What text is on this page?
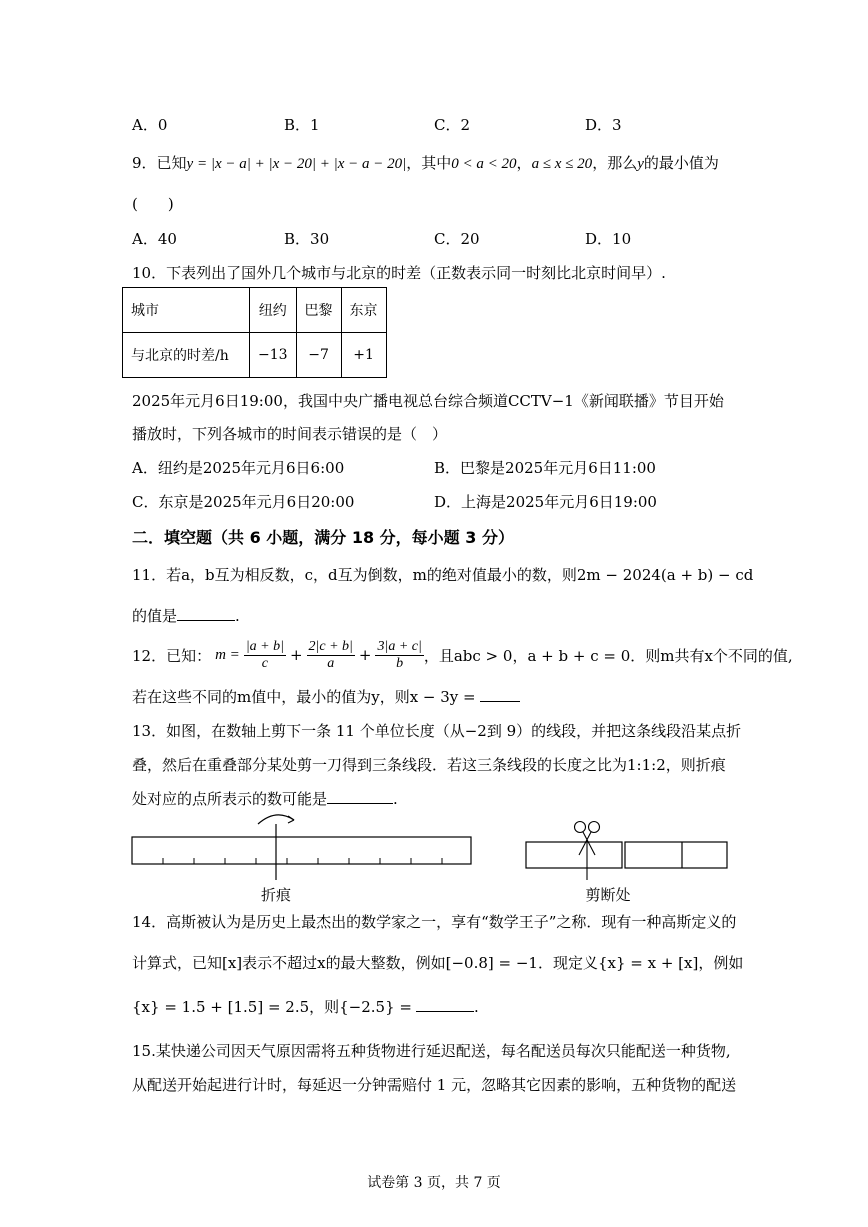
A．0	B．1	C．2	D．3
9．已知y = |x − a| + |x − 20| + |x − a − 20|，其中0 < a < 20，a ≤ x ≤ 20，那么y的最小值为
(　　)
A．40	B．30	C．20	D．10
10．下表列出了国外几个城市与北京的时差（正数表示同一时刻比北京时间早）.
城市	纽约	巴黎	东京
与北京的时差/h	−13	−7	+1
2025年元月6日19:00，我国中央广播电视总台综合频道CCTV−1《新闻联播》节目开始
播放时，下列各城市的时间表示错误的是（　）
A．纽约是2025年元月6日6:00	B．巴黎是2025年元月6日11:00
C．东京是2025年元月6日20:00	D．上海是2025年元月6日19:00
二．填空题（共 6 小题，满分 18 分，每小题 3 分）
11．若a，b互为相反数，c，d互为倒数，m的绝对值最小的数，则2m − 2024(a + b) − cd
的值是	.
12．已知： $m = \frac{|a + b|}{c} + \frac{2|c + b|}{a} + \frac{3|a + c|}{b}$ ，且abc > 0，a + b + c = 0．则m共有x个不同的值,
若在这些不同的m值中，最小的值为y，则x − 3y =
13．如图，在数轴上剪下一条 11 个单位长度（从−2到 9）的线段，并把这条线段沿某点折
叠，然后在重叠部分某处剪一刀得到三条线段．若这三条线段的长度之比为1:1:2，则折痕
处对应的点所表示的数可能是	.
折痕	剪断处
14．高斯被认为是历史上最杰出的数学家之一，享有“数学王子”之称．现有一种高斯定义的
计算式，已知[x]表示不超过x的最大整数，例如[−0.8] = −1．现定义{x} = x + [x]，例如
{x} = 1.5 + [1.5] = 2.5，则{−2.5} =	.
15.某快递公司因天气原因需将五种货物进行延迟配送，每名配送员每次只能配送一种货物,
从配送开始起进行计时，每延迟一分钟需赔付 1 元，忽略其它因素的影响，五种货物的配送
试卷第 3 页，共 7 页
